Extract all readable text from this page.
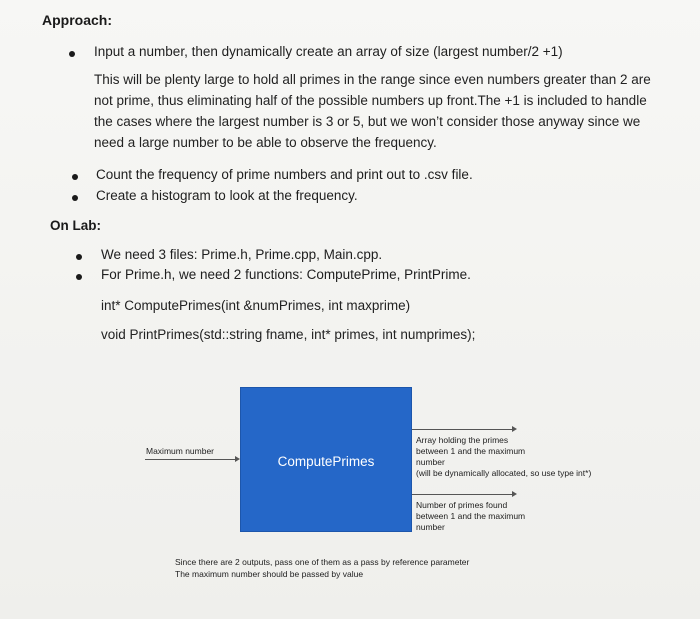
Approach:
Input a number, then dynamically create an array of size (largest number/2 +1)
This will be plenty large to hold all primes in the range since even numbers greater than 2 are
not prime, thus eliminating half of the possible numbers up front.The +1 is included to handle
the cases where the largest number is 3 or 5, but we won’t consider those anyway since we
need a large number to be able to observe the frequency.
Count the frequency of prime numbers and print out to .csv file.
Create a histogram to look at the frequency.
On Lab:
We need 3 files: Prime.h, Prime.cpp, Main.cpp.
For Prime.h, we need 2 functions: ComputePrime, PrintPrime.
int* ComputePrimes(int &numPrimes, int maxprime)
void PrintPrimes(std::string fname, int* primes, int numprimes);
ComputePrimes
Maximum number
Array holding the primes
between 1 and the maximum
number
(will be dynamically allocated, so use type int*)
Number of primes found
between 1 and the maximum
number
Since there are 2 outputs, pass one of them as a pass by reference parameter
The maximum number should be passed by value
